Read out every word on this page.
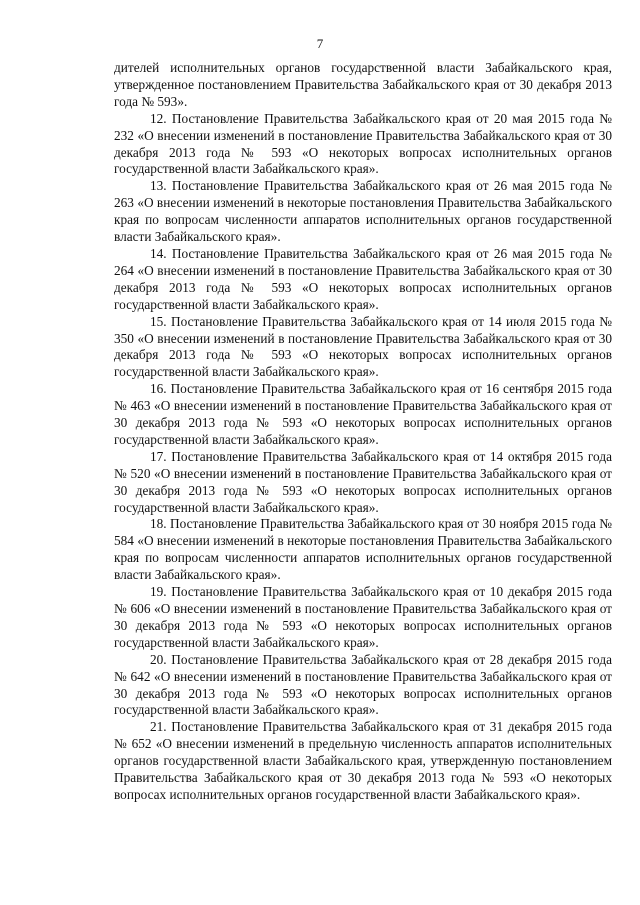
7

дителей исполнительных органов государственной власти Забайкальского края, утвержденное постановлением Правительства Забайкальского края от 30 декабря 2013 года № 593».

12. Постановление Правительства Забайкальского края от 20 мая 2015 года № 232 «О внесении изменений в постановление Правительства Забайкальского края от 30 декабря 2013 года № 593 «О некоторых вопросах исполнительных органов государственной власти Забайкальского края».

13. Постановление Правительства Забайкальского края от 26 мая 2015 года № 263 «О внесении изменений в некоторые постановления Правительства Забайкальского края по вопросам численности аппаратов исполнительных органов государственной власти Забайкальского края».

14. Постановление Правительства Забайкальского края от 26 мая 2015 года № 264 «О внесении изменений в постановление Правительства Забайкальского края от 30 декабря 2013 года № 593 «О некоторых вопросах исполнительных органов государственной власти Забайкальского края».

15. Постановление Правительства Забайкальского края от 14 июля 2015 года № 350 «О внесении изменений в постановление Правительства Забайкальского края от 30 декабря 2013 года № 593 «О некоторых вопросах исполнительных органов государственной власти Забайкальского края».

16. Постановление Правительства Забайкальского края от 16 сентября 2015 года № 463 «О внесении изменений в постановление Правительства Забайкальского края от 30 декабря 2013 года № 593 «О некоторых вопросах исполнительных органов государственной власти Забайкальского края».

17. Постановление Правительства Забайкальского края от 14 октября 2015 года № 520 «О внесении изменений в постановление Правительства Забайкальского края от 30 декабря 2013 года № 593 «О некоторых вопросах исполнительных органов государственной власти Забайкальского края».

18. Постановление Правительства Забайкальского края от 30 ноября 2015 года № 584 «О внесении изменений в некоторые постановления Правительства Забайкальского края по вопросам численности аппаратов исполнительных органов государственной власти Забайкальского края».

19. Постановление Правительства Забайкальского края от 10 декабря 2015 года № 606 «О внесении изменений в постановление Правительства Забайкальского края от 30 декабря 2013 года № 593 «О некоторых вопросах исполнительных органов государственной власти Забайкальского края».

20. Постановление Правительства Забайкальского края от 28 декабря 2015 года № 642 «О внесении изменений в постановление Правительства Забайкальского края от 30 декабря 2013 года № 593 «О некоторых вопросах исполнительных органов государственной власти Забайкальского края».

21. Постановление Правительства Забайкальского края от 31 декабря 2015 года № 652 «О внесении изменений в предельную численность аппаратов исполнительных органов государственной власти Забайкальского края, утвержденную постановлением Правительства Забайкальского края от 30 декабря 2013 года № 593 «О некоторых вопросах исполнительных органов государственной власти Забайкальского края».
